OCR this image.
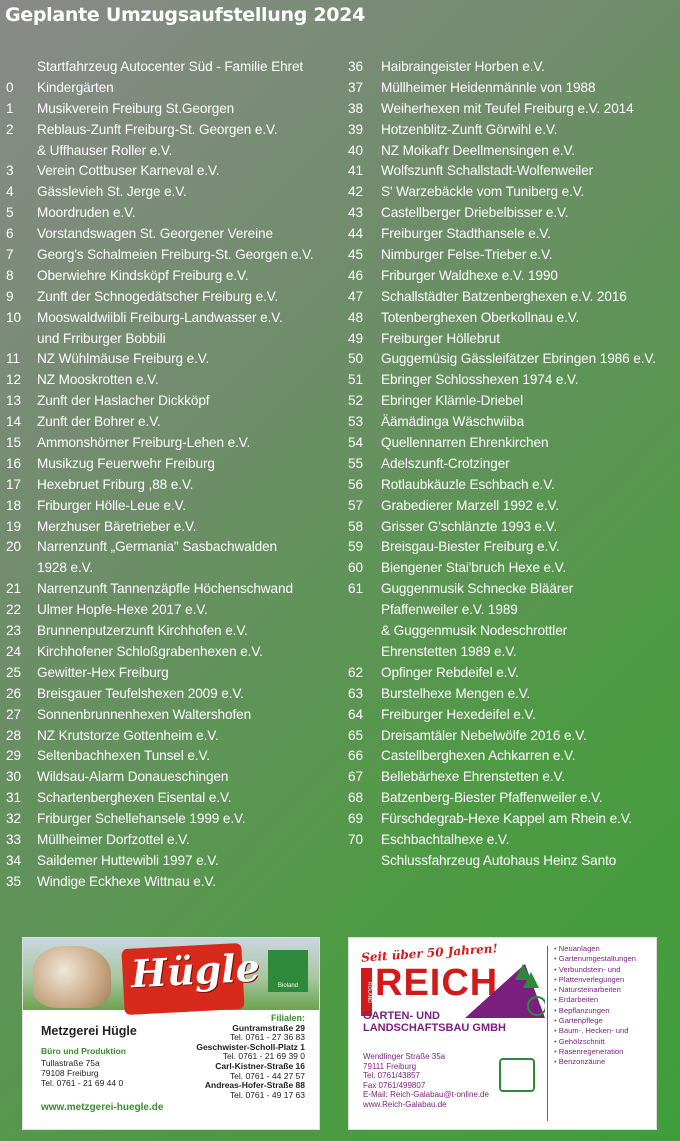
Geplante Umzugsaufstellung 2024
Startfahrzeug Autocenter Süd - Familie Ehret
0	Kindergärten
1	Musikverein Freiburg St.Georgen
2	Reblaus-Zunft Freiburg-St. Georgen e.V.
& Uffhauser Roller e.V.
3	Verein Cottbuser Karneval e.V.
4	Gässlevieh St. Jerge e.V.
5	Moordruden e.V.
6	Vorstandswagen St. Georgener Vereine
7	Georg's Schalmeien Freiburg-St. Georgen e.V.
8	Oberwiehre Kindsköpf Freiburg e.V.
9	Zunft der Schnogedätscher Freiburg e.V.
10	Mooswaldwiibli Freiburg-Landwasser e.V.
und Frriburger Bobbili
11	NZ Wühlmäuse Freiburg e.V.
12	NZ Mooskrotten e.V.
13	Zunft der Haslacher Dickköpf
14	Zunft der Bohrer e.V.
15	Ammonshörner Freiburg-Lehen e.V.
16	Musikzug Feuerwehr Freiburg
17	Hexebruet Friburg ,88 e.V.
18	Friburger Hölle-Leue e.V.
19	Merzhuser Bäretrieber e.V.
20	Narrenzunft „Germania" Sasbachwalden
1928 e.V.
21	Narrenzunft Tannenzäpfle Höchenschwand
22	Ulmer Hopfe-Hexe 2017 e.V.
23	Brunnenputzerzunft Kirchhofen e.V.
24	Kirchhofener Schloßgrabenhexen e.V.
25	Gewitter-Hex Freiburg
26	Breisgauer Teufelshexen 2009 e.V.
27	Sonnenbrunnenhexen Waltershofen
28	NZ Krutstorze Gottenheim e.V.
29	Seltenbachhexen Tunsel e.V.
30	Wildsau-Alarm Donaueschingen
31	Schartenberghexen Eisental e.V.
32	Friburger Schellehansele 1999 e.V.
33	Müllheimer Dorfzottel e.V.
34	Saildemer Huttewibli 1997 e.V.
35	Windige Eckhexe Wittnau e.V.
36	Haibraingeister Horben e.V.
37	Müllheimer Heidenmännle von 1988
38	Weiherhexen mit Teufel Freiburg e.V. 2014
39	Hotzenblitz-Zunft Görwihl e.V.
40	NZ Moikaf'r Deellmensingen e.V.
41	Wolfszunft Schallstadt-Wolfenweiler
42	S' Warzebäckle vom Tuniberg e.V.
43	Castellberger Driebelbisser e.V.
44	Freiburger Stadthansele e.V.
45	Nimburger Felse-Trieber e.V.
46	Friburger Waldhexe e.V. 1990
47	Schallstädter Batzenberghexen e.V. 2016
48	Totenberghexen Oberkollnau e.V.
49	Freiburger Höllebrut
50	Guggemüsig Gässleifätzer Ebringen 1986 e.V.
51	Ebringer Schlosshexen 1974 e.V.
52	Ebringer Klämle-Driebel
53	Äämädinga Wäschwiiba
54	Quellennarren Ehrenkirchen
55	Adelszunft-Crotzinger
56	Rotlaubkäuzle Eschbach e.V.
57	Grabedierer Marzell 1992 e.V.
58	Grisser G'schlänzte 1993 e.V.
59	Breisgau-Biester Freiburg e.V.
60	Biengener Stai'bruch Hexe e.V.
61	Guggenmusik Schnecke Bläärer
Pfaffenweiler e.V. 1989
& Guggenmusik Nodeschrottler
Ehrenstetten 1989 e.V.
62	Opfinger Rebdeifel e.V.
63	Burstelhexe Mengen e.V.
64	Freiburger Hexedeifel e.V.
65	Dreisamtäler Nebelwölfe 2016 e.V.
66	Castellberghexen Achkarren e.V.
67	Bellebärhexe Ehrenstetten e.V.
68	Batzenberg-Biester Pfaffenweiler e.V.
69	Fürschdegrab-Hexe Kappel am Rhein e.V.
70	Eschbachtalhexe e.V.
Schlussfahrzeug Autohaus Heinz Santo
Hügle	Bioland
Metzgerei Hügle
Büro und Produktion
Tullastraße 75a
79108 Freiburg
Tel. 0761 - 21 69 44 0
www.metzgerei-huegle.de
Filialen:
Guntramstraße 29
Tel. 0761 - 27 36 83
Geschwister-Scholl-Platz 1
Tel. 0761 - 21 69 39 0
Carl-Kistner-Straße 16
Tel. 0761 - 44 27 57
Andreas-Hofer-Straße 88
Tel. 0761 - 49 17 63
Seit über 50 Jahren!
ROLAND REICH
GARTEN- UND
LANDSCHAFTSBAU GMBH
Wendlinger Straße 35a
79111 Freiburg
Tel. 0761/43857
Fax 0761/499807
E-Mail: Reich-Galabau@t-online.de
www.Reich-Galabau.de
• Neuanlagen
• Gartenumgestaltungen
• Verbundstein- und
• Plattenverlegungen
• Natursteinarbeiten
• Erdarbeiten
• Bepflanzungen
• Gartenpflege
• Baum-, Hecken- und
• Gehölzschnitt
• Rasenregeneration
• Benzonzäune
